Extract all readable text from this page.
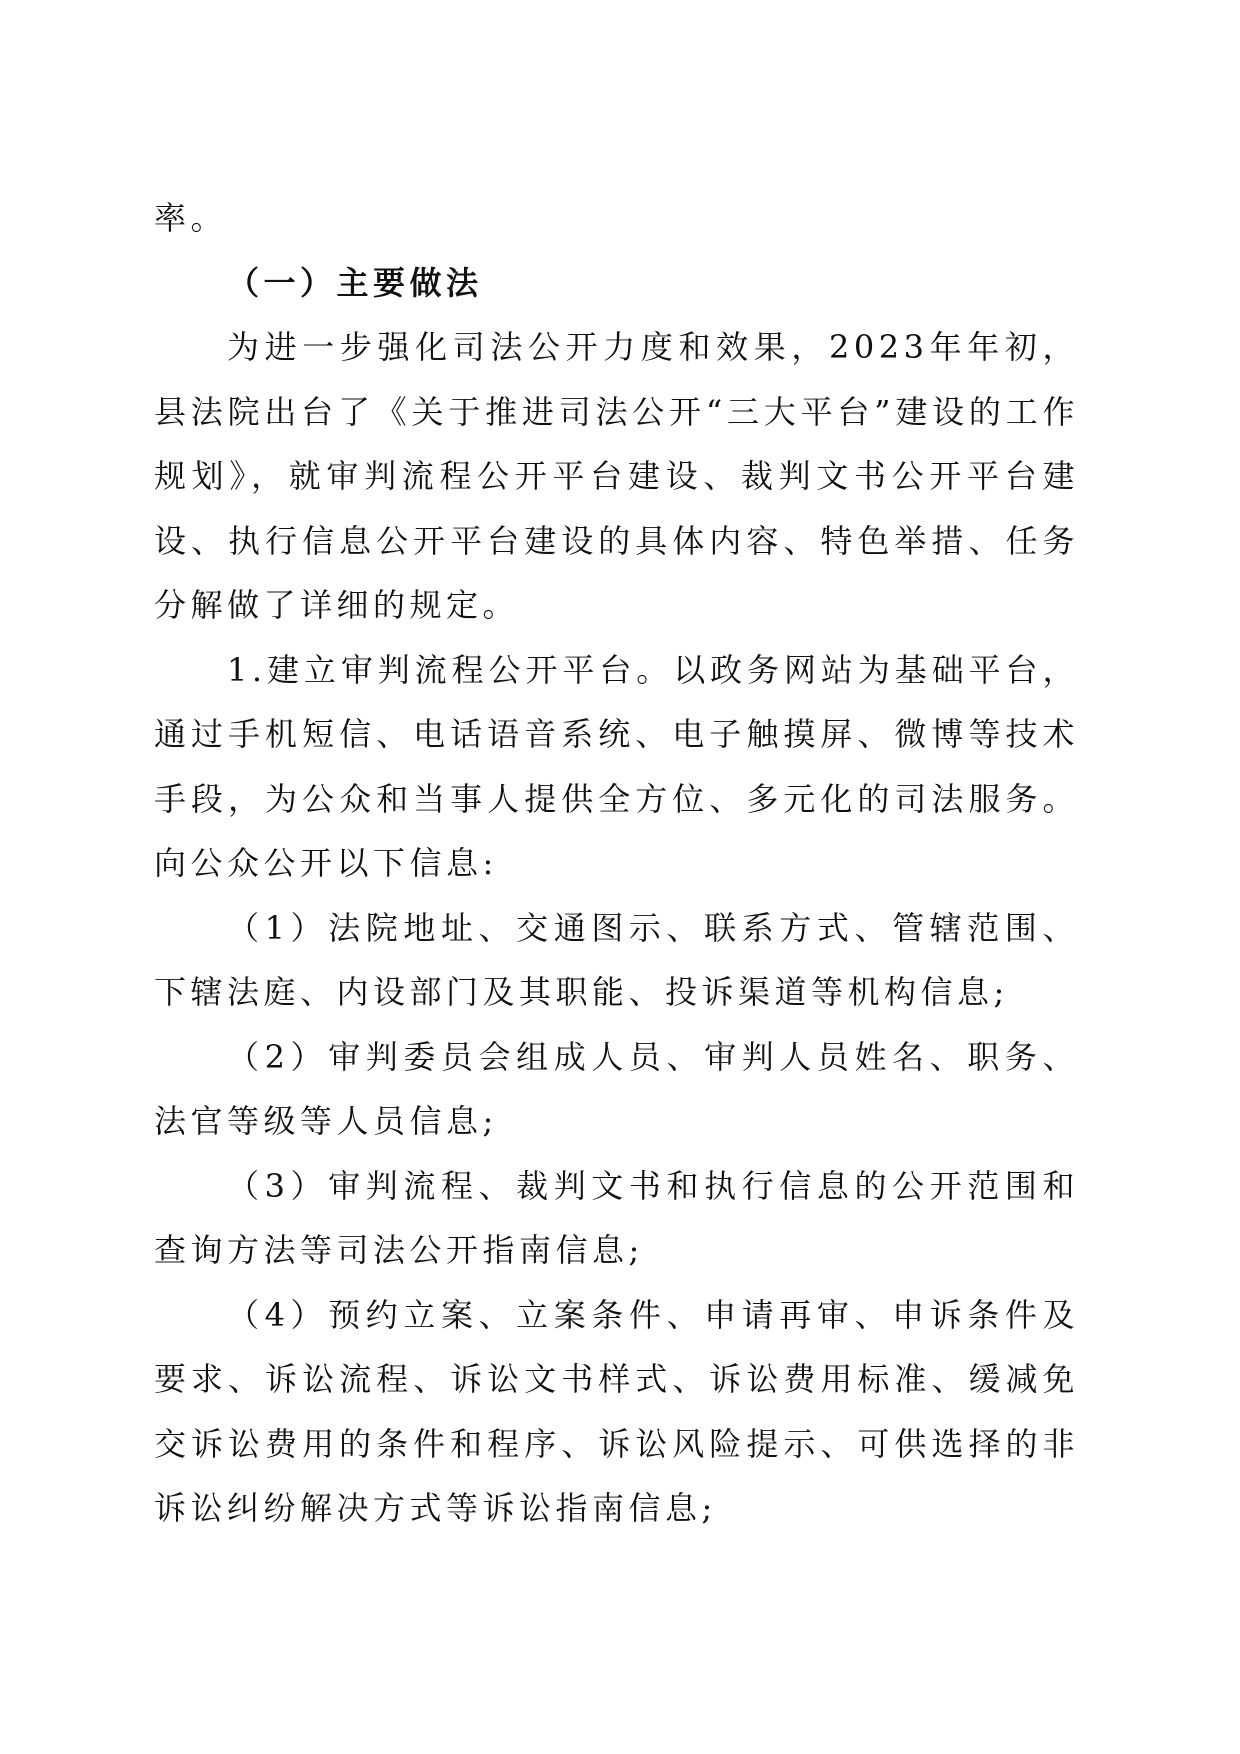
率。

（一）主要做法

为进一步强化司法公开力度和效果，2023年年初，县法院出台了《关于推进司法公开“三大平台”建设的工作规划》，就审判流程公开平台建设、裁判文书公开平台建设、执行信息公开平台建设的具体内容、特色举措、任务分解做了详细的规定。

1.建立审判流程公开平台。以政务网站为基础平台，通过手机短信、电话语音系统、电子触摸屏、微博等技术手段，为公众和当事人提供全方位、多元化的司法服务。向公众公开以下信息:

（1）法院地址、交通图示、联系方式、管辖范围、下辖法庭、内设部门及其职能、投诉渠道等机构信息;

（2）审判委员会组成人员、审判人员姓名、职务、法官等级等人员信息;

（3）审判流程、裁判文书和执行信息的公开范围和查询方法等司法公开指南信息;

（4）预约立案、立案条件、申请再审、申诉条件及要求、诉讼流程、诉讼文书样式、诉讼费用标准、缓减免交诉讼费用的条件和程序、诉讼风险提示、可供选择的非诉讼纠纷解决方式等诉讼指南信息;
